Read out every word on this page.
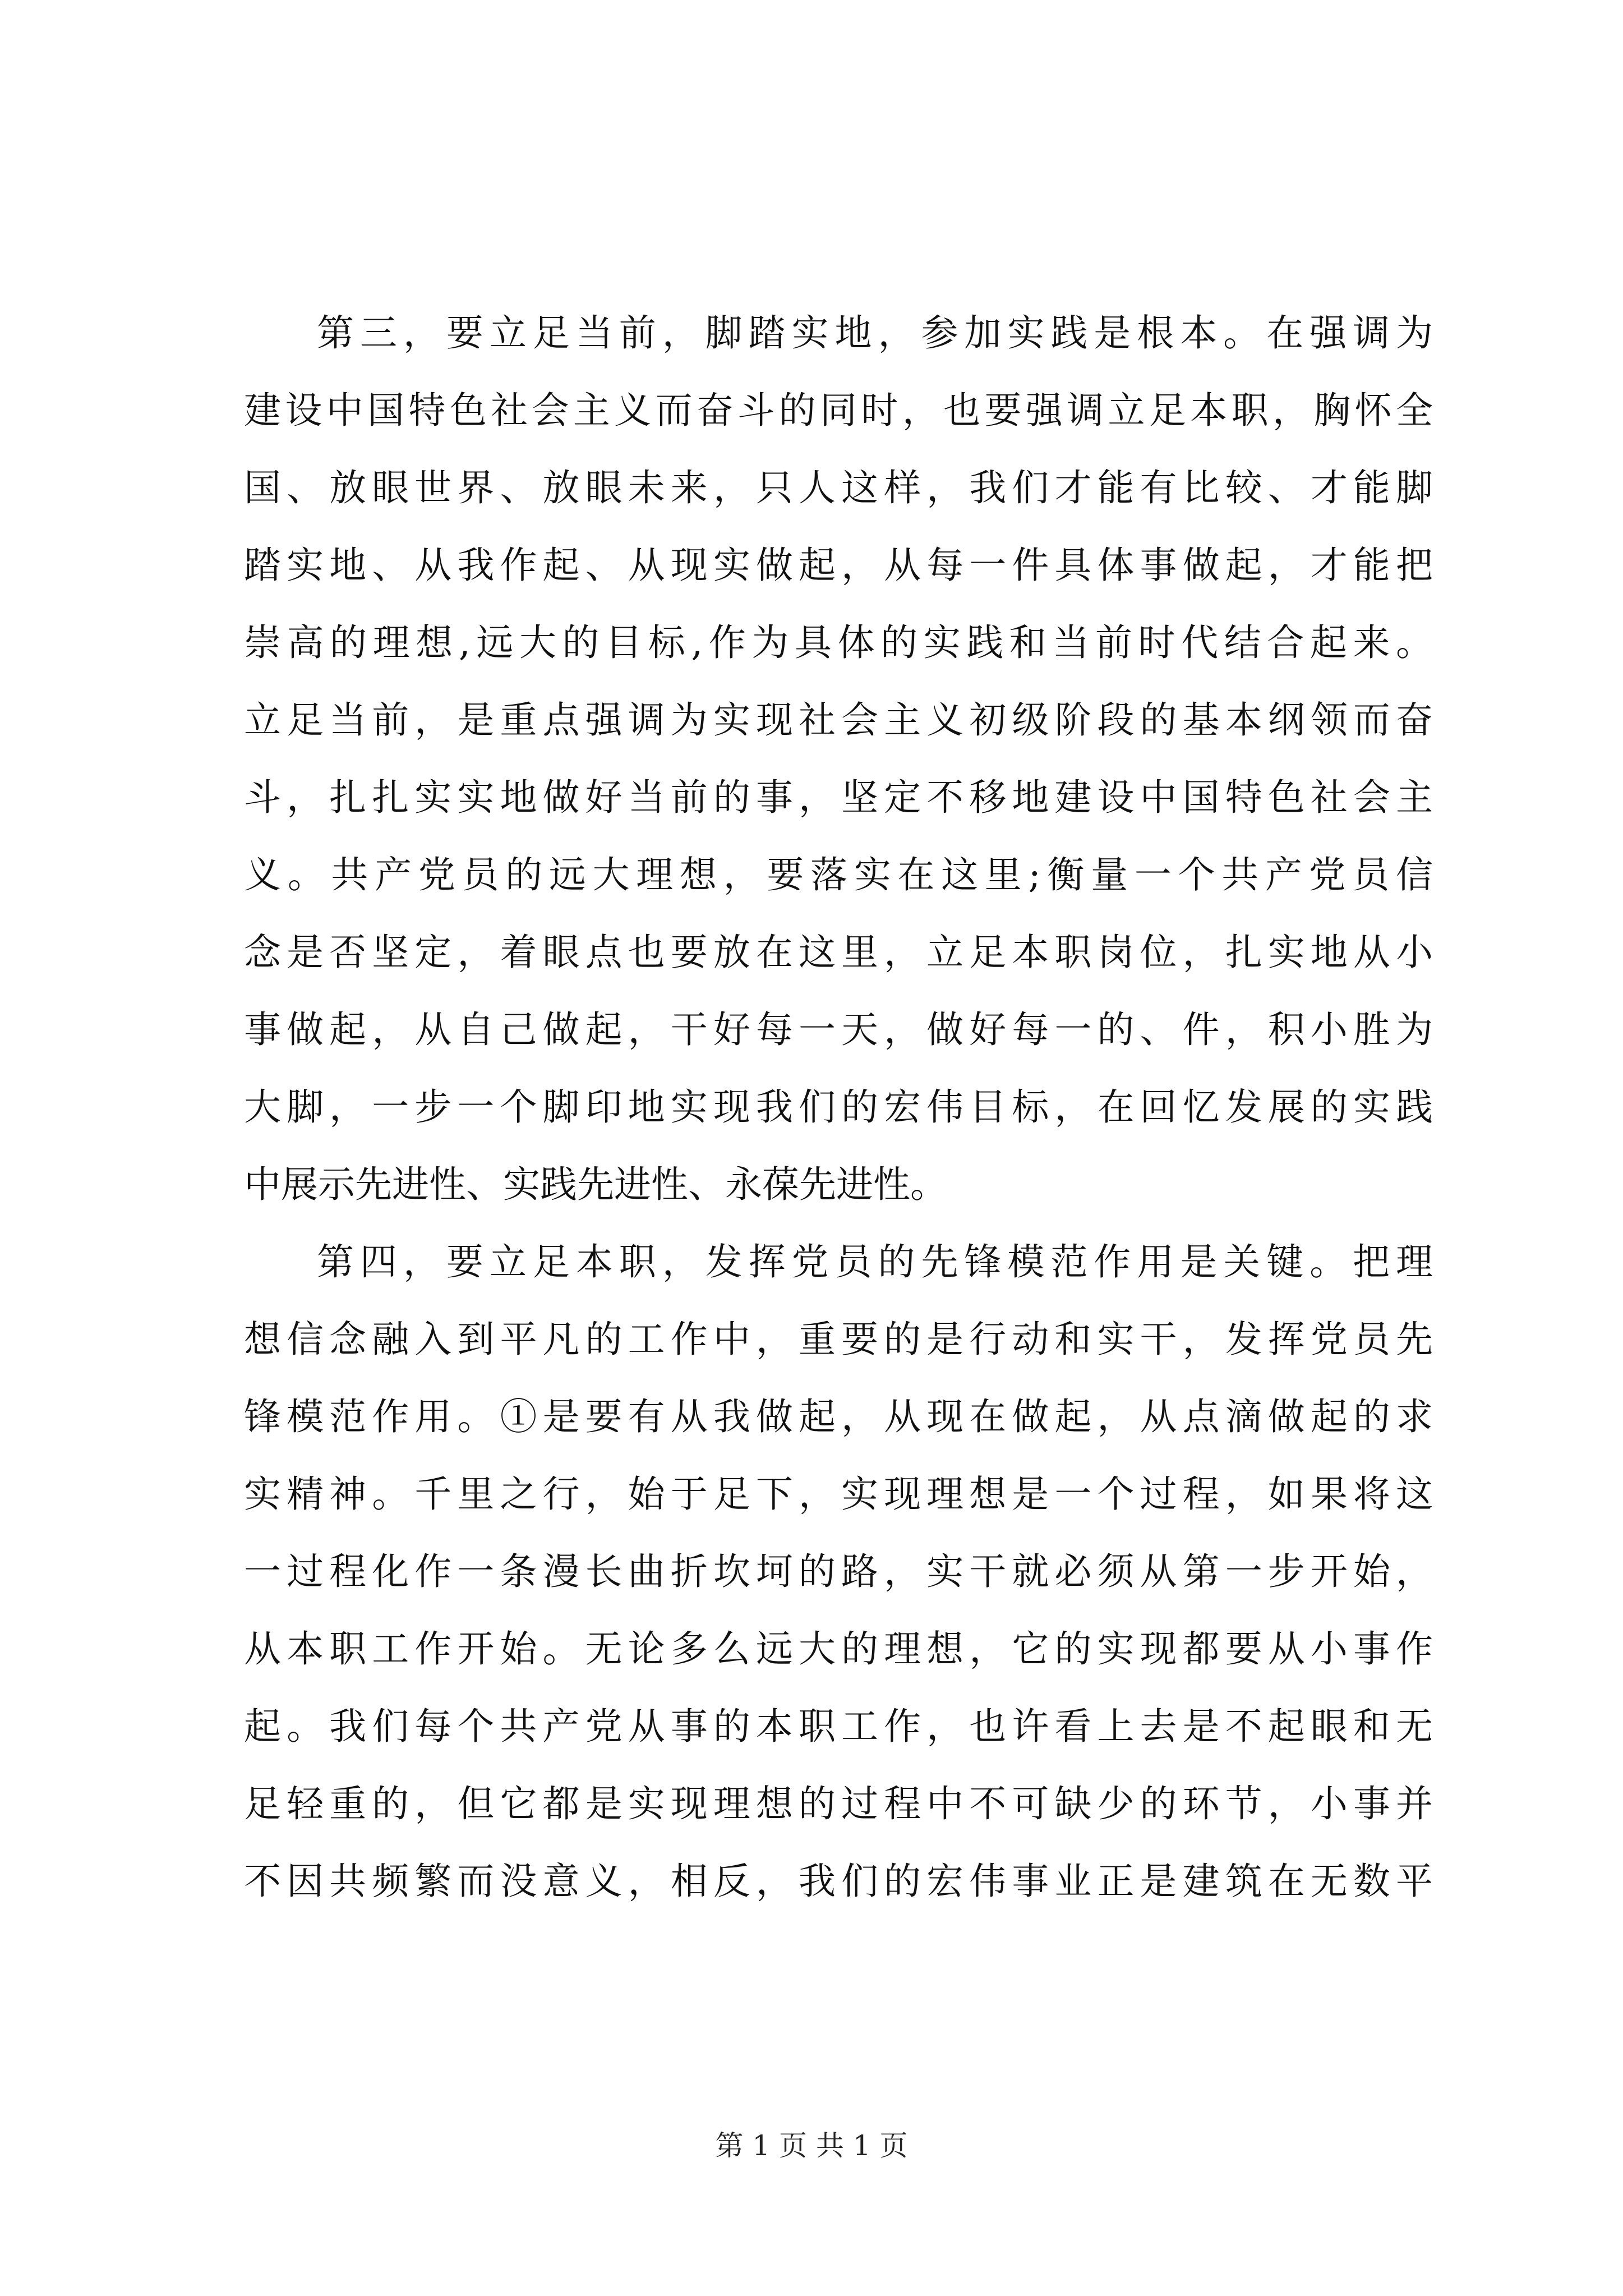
第三，要立足当前，脚踏实地，参加实践是根本。在强调为
建设中国特色社会主义而奋斗的同时，也要强调立足本职，胸怀全
国、放眼世界、放眼未来，只人这样，我们才能有比较、才能脚
踏实地、从我作起、从现实做起，从每一件具体事做起，才能把
崇高的理想,远大的目标,作为具体的实践和当前时代结合起来。
立足当前，是重点强调为实现社会主义初级阶段的基本纲领而奋
斗，扎扎实实地做好当前的事，坚定不移地建设中国特色社会主
义。共产党员的远大理想，要落实在这里;衡量一个共产党员信
念是否坚定，着眼点也要放在这里，立足本职岗位，扎实地从小
事做起，从自己做起，干好每一天，做好每一的、件，积小胜为
大脚，一步一个脚印地实现我们的宏伟目标，在回忆发展的实践
中展示先进性、实践先进性、永葆先进性。
第四，要立足本职，发挥党员的先锋模范作用是关键。把理
想信念融入到平凡的工作中，重要的是行动和实干，发挥党员先
锋模范作用。①是要有从我做起，从现在做起，从点滴做起的求
实精神。千里之行，始于足下，实现理想是一个过程，如果将这
一过程化作一条漫长曲折坎坷的路，实干就必须从第一步开始，
从本职工作开始。无论多么远大的理想，它的实现都要从小事作
起。我们每个共产党从事的本职工作，也许看上去是不起眼和无
足轻重的，但它都是实现理想的过程中不可缺少的环节，小事并
不因共频繁而没意义，相反，我们的宏伟事业正是建筑在无数平
第 1 页 共 1 页
